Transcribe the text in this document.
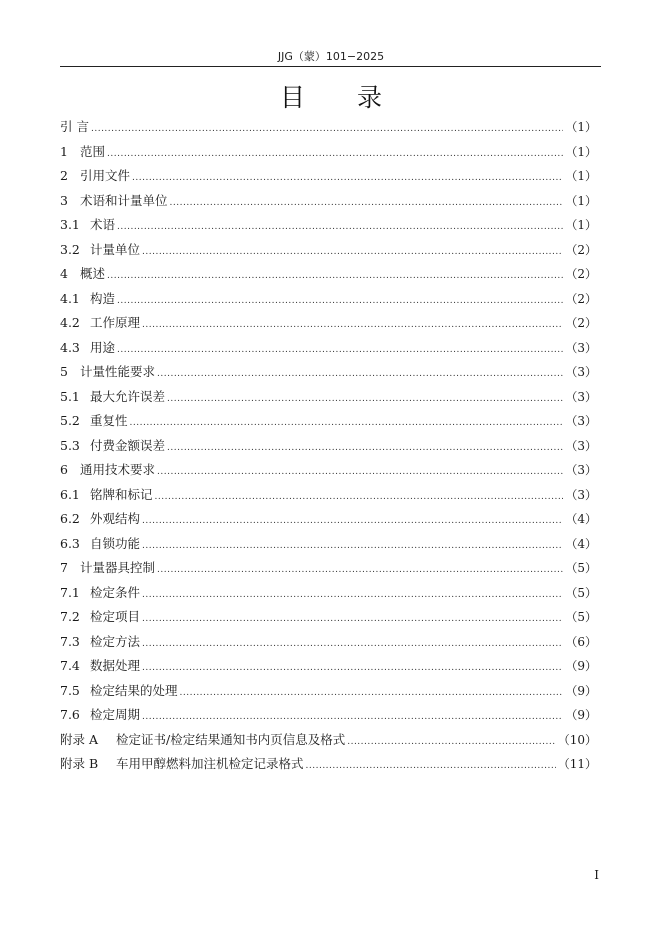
JJG（蒙）101−2025
目 录
引 言 .....	（1）
1 范围 .....	（1）
2 引用文件 .....	（1）
3 术语和计量单位 .....	（1）
3.1 术语 .....	（1）
3.2 计量单位 .....	（2）
4 概述 .....	（2）
4.1 构造 .....	（2）
4.2 工作原理 .....	（2）
4.3 用途 .....	（3）
5 计量性能要求 .....	（3）
5.1 最大允许误差 .....	（3）
5.2 重复性 .....	（3）
5.3 付费金额误差 .....	（3）
6 通用技术要求 .....	（3）
6.1 铭牌和标记 .....	（3）
6.2 外观结构 .....	（4）
6.3 自锁功能 .....	（4）
7 计量器具控制 .....	（5）
7.1 检定条件 .....	（5）
7.2 检定项目 .....	（5）
7.3 检定方法 .....	（6）
7.4 数据处理 .....	（9）
7.5 检定结果的处理 .....	（9）
7.6 检定周期 .....	（9）
附录 A	检定证书/检定结果通知书内页信息及格式 .....	（10）
附录 B	车用甲醇燃料加注机检定记录格式 .....	（11）
I
